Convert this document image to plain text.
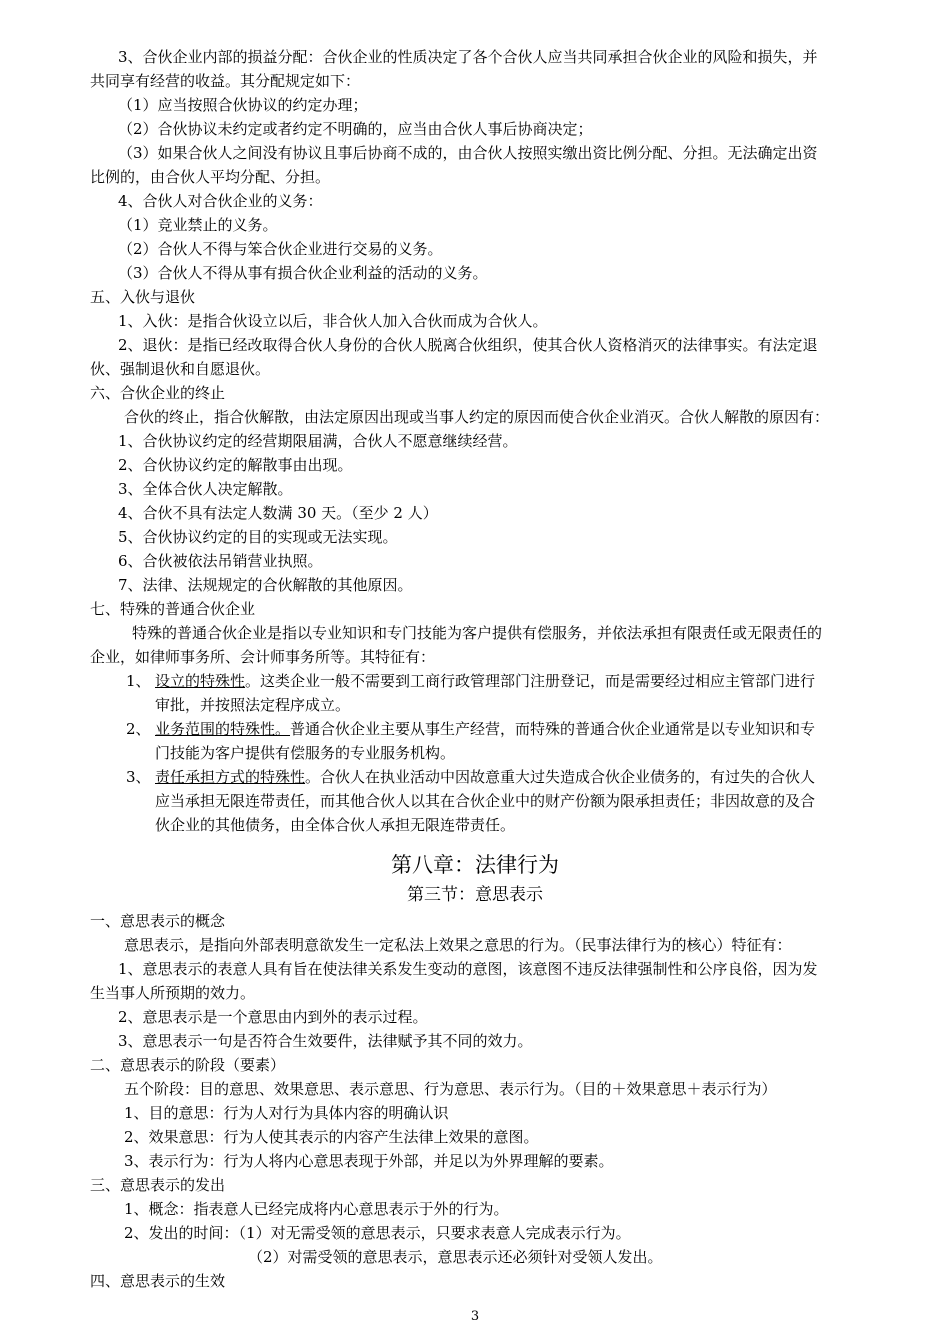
3、合伙企业内部的损益分配：合伙企业的性质决定了各个合伙人应当共同承担合伙企业的风险和损失，并
共同享有经营的收益。其分配规定如下：
（1）应当按照合伙协议的约定办理；
（2）合伙协议未约定或者约定不明确的，应当由合伙人事后协商决定；
（3）如果合伙人之间没有协议且事后协商不成的，由合伙人按照实缴出资比例分配、分担。无法确定出资
比例的，由合伙人平均分配、分担。
4、合伙人对合伙企业的义务：
（1）竞业禁止的义务。
（2）合伙人不得与笨合伙企业进行交易的义务。
（3）合伙人不得从事有损合伙企业利益的活动的义务。
五、入伙与退伙
1、入伙：是指合伙设立以后，非合伙人加入合伙而成为合伙人。
2、退伙：是指已经改取得合伙人身份的合伙人脱离合伙组织，使其合伙人资格消灭的法律事实。有法定退
伙、强制退伙和自愿退伙。
六、合伙企业的终止
合伙的终止，指合伙解散，由法定原因出现或当事人约定的原因而使合伙企业消灭。合伙人解散的原因有：
1、合伙协议约定的经营期限届满，合伙人不愿意继续经营。
2、合伙协议约定的解散事由出现。
3、全体合伙人决定解散。
4、合伙不具有法定人数满 30 天。（至少 2 人）
5、合伙协议约定的目的实现或无法实现。
6、合伙被依法吊销营业执照。
7、法律、法规规定的合伙解散的其他原因。
七、特殊的普通合伙企业
特殊的普通合伙企业是指以专业知识和专门技能为客户提供有偿服务，并依法承担有限责任或无限责任的
企业，如律师事务所、会计师事务所等。其特征有：
1、 设立的特殊性。这类企业一般不需要到工商行政管理部门注册登记，而是需要经过相应主管部门进行
审批，并按照法定程序成立。
2、 业务范围的特殊性。普通合伙企业主要从事生产经营，而特殊的普通合伙企业通常是以专业知识和专
门技能为客户提供有偿服务的专业服务机构。
3、 责任承担方式的特殊性。合伙人在执业活动中因故意重大过失造成合伙企业债务的，有过失的合伙人
应当承担无限连带责任，而其他合伙人以其在合伙企业中的财产份额为限承担责任；非因故意的及合
伙企业的其他债务，由全体合伙人承担无限连带责任。
第八章：法律行为
第三节：意思表示
一、意思表示的概念
意思表示，是指向外部表明意欲发生一定私法上效果之意思的行为。（民事法律行为的核心）特征有：
1、意思表示的表意人具有旨在使法律关系发生变动的意图，该意图不违反法律强制性和公序良俗，因为发
生当事人所预期的效力。
2、意思表示是一个意思由内到外的表示过程。
3、意思表示一句是否符合生效要件，法律赋予其不同的效力。
二、意思表示的阶段（要素）
五个阶段：目的意思、效果意思、表示意思、行为意思、表示行为。（目的＋效果意思＋表示行为）
1、目的意思：行为人对行为具体内容的明确认识
2、效果意思：行为人使其表示的内容产生法律上效果的意图。
3、表示行为：行为人将内心意思表现于外部，并足以为外界理解的要素。
三、意思表示的发出
1、概念：指表意人已经完成将内心意思表示于外的行为。
2、发出的时间：（1）对无需受领的意思表示，只要求表意人完成表示行为。
（2）对需受领的意思表示，意思表示还必须针对受领人发出。
四、意思表示的生效
3
